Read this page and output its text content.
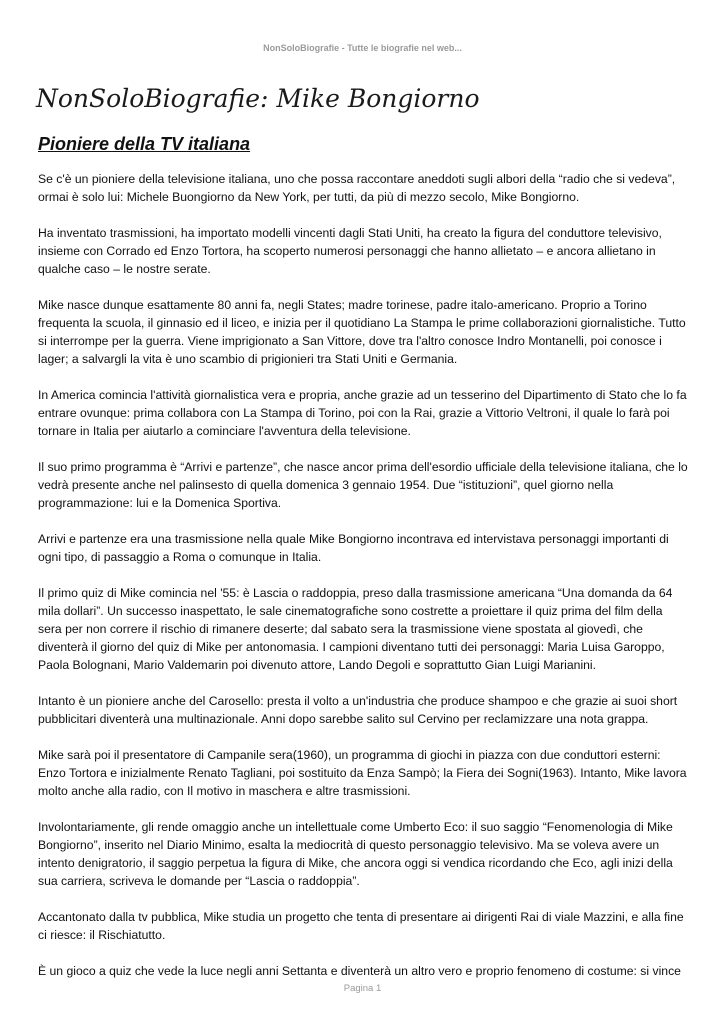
NonSoloBiografie - Tutte le biografie nel web...
NonSoloBiografie: Mike Bongiorno
Pioniere della TV italiana

Se c'è un pioniere della televisione italiana, uno che possa raccontare aneddoti sugli albori della “radio che si vedeva”, ormai è solo lui: Michele Buongiorno da New York, per tutti, da più di mezzo secolo, Mike Bongiorno.

Ha inventato trasmissioni, ha importato modelli vincenti dagli Stati Uniti, ha creato la figura del conduttore televisivo, insieme con Corrado ed Enzo Tortora, ha scoperto numerosi personaggi che hanno allietato – e ancora allietano in qualche caso – le nostre serate.

Mike nasce dunque esattamente 80 anni fa, negli States; madre torinese, padre italo-americano. Proprio a Torino frequenta la scuola, il ginnasio ed il liceo, e inizia per il quotidiano La Stampa le prime collaborazioni giornalistiche. Tutto si interrompe per la guerra. Viene imprigionato a San Vittore, dove tra l'altro conosce Indro Montanelli, poi conosce i lager; a salvargli la vita è uno scambio di prigionieri tra Stati Uniti e Germania.

In America comincia l'attività giornalistica vera e propria, anche grazie ad un tesserino del Dipartimento di Stato che lo fa entrare ovunque: prima collabora con La Stampa di Torino, poi con la Rai, grazie a Vittorio Veltroni, il quale lo farà poi tornare in Italia per aiutarlo a cominciare l'avventura della televisione.

Il suo primo programma è “Arrivi e partenze”, che nasce ancor prima dell'esordio ufficiale della televisione italiana, che lo vedrà presente anche nel palinsesto di quella domenica 3 gennaio 1954. Due “istituzioni”, quel giorno nella programmazione: lui e la Domenica Sportiva.

Arrivi e partenze era una trasmissione nella quale Mike Bongiorno incontrava ed intervistava personaggi importanti di ogni tipo, di passaggio a Roma o comunque in Italia.

Il primo quiz di Mike comincia nel '55: è Lascia o raddoppia, preso dalla trasmissione americana “Una domanda da 64 mila dollari”. Un successo inaspettato, le sale cinematografiche sono costrette a proiettare il quiz prima del film della sera per non correre il rischio di rimanere deserte; dal sabato sera la trasmissione viene spostata al giovedì, che diventerà il giorno del quiz di Mike per antonomasia. I campioni diventano tutti dei personaggi: Maria Luisa Garoppo, Paola Bolognani, Mario Valdemarin poi divenuto attore, Lando Degoli e soprattutto Gian Luigi Marianini.

Intanto è un pioniere anche del Carosello: presta il volto a un'industria che produce shampoo e che grazie ai suoi short pubblicitari diventerà una multinazionale. Anni dopo sarebbe salito sul Cervino per reclamizzare una nota grappa.

Mike sarà poi il presentatore di Campanile sera(1960), un programma di giochi in piazza con due conduttori esterni: Enzo Tortora e inizialmente Renato Tagliani, poi sostituito da Enza Sampò; la Fiera dei Sogni(1963). Intanto, Mike lavora molto anche alla radio, con Il motivo in maschera e altre trasmissioni.

Involontariamente, gli rende omaggio anche un intellettuale come Umberto Eco: il suo saggio “Fenomenologia di Mike Bongiorno”, inserito nel Diario Minimo, esalta la mediocrità di questo personaggio televisivo. Ma se voleva avere un intento denigratorio, il saggio perpetua la figura di Mike, che ancora oggi si vendica ricordando che Eco, agli inizi della sua carriera, scriveva le domande per “Lascia o raddoppia”.

Accantonato dalla tv pubblica, Mike studia un progetto che tenta di presentare ai dirigenti Rai di viale Mazzini, e alla fine ci riesce: il Rischiatutto.

È un gioco a quiz che vede la luce negli anni Settanta e diventerà un altro vero e proprio fenomeno di costume: si vince

Pagina 1
